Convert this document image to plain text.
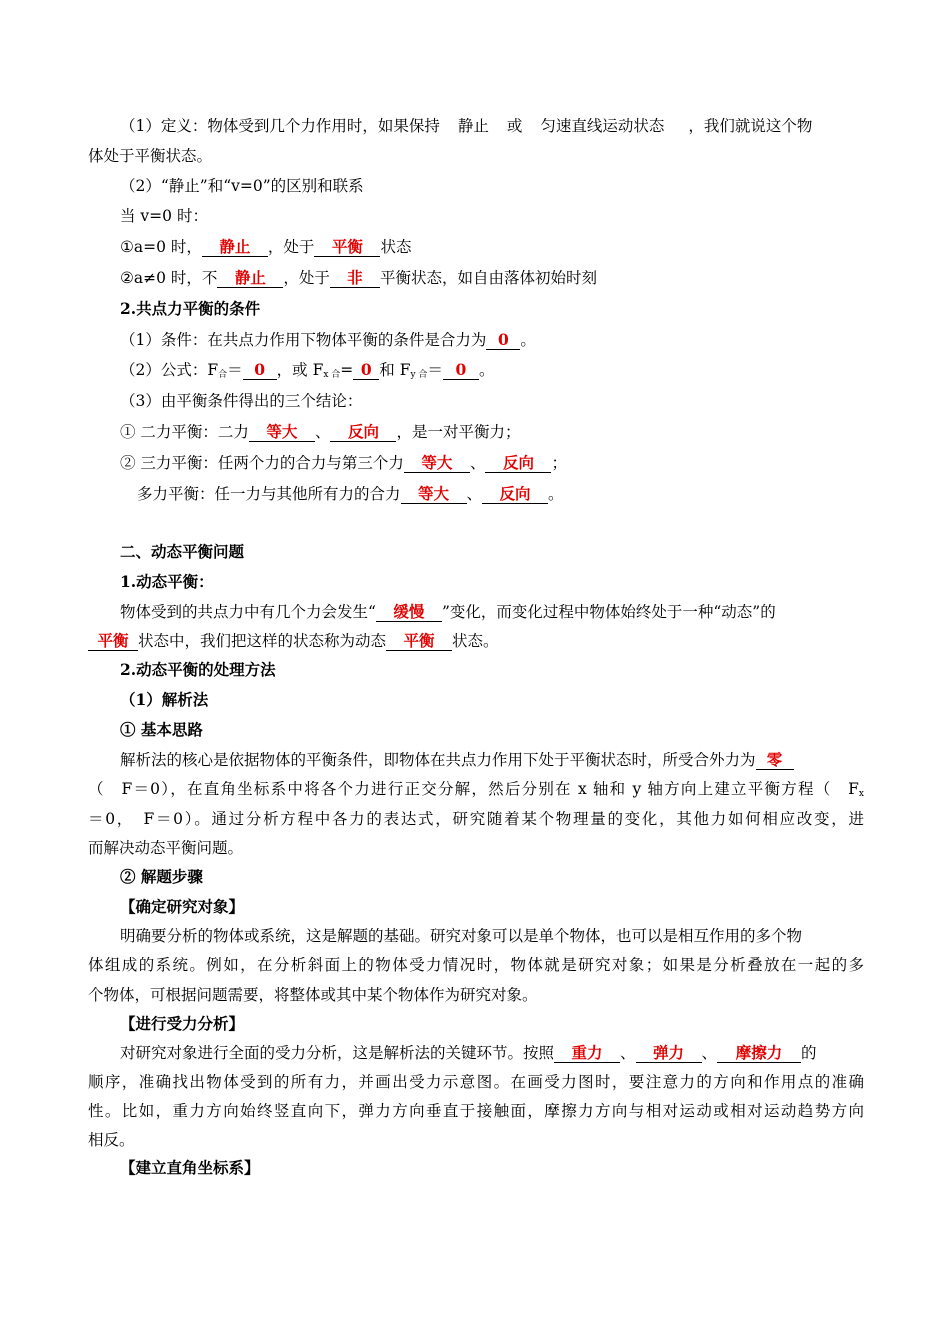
（1）定义：物体受到几个力作用时，如果保持 静止 或 匀速直线运动状态 ，我们就说这个物
体处于平衡状态。
（2）“静止”和“v=0”的区别和联系
当 v=0 时：
①a=0 时， 静止 ，处于 平衡 状态
②a≠0 时，不 静止 ，处于 非 平衡状态，如自由落体初始时刻
2.共点力平衡的条件
（1）条件：在共点力作用下物体平衡的条件是合力为 0 。
（2）公式：$F_合= 0$ ，或 $F_{x 合}= 0$ 和 $F_{y 合}= 0$ 。
（3）由平衡条件得出的三个结论：
① 二力平衡：二力 等大 、 反向 ，是一对平衡力；
② 三力平衡：任两个力的合力与第三个力 等大 、 反向 ；
多力平衡：任一力与其他所有力的合力 等大 、 反向 。
二、动态平衡问题
1.动态平衡：
物体受到的共点力中有几个力会发生“ 缓慢 ”变化，而变化过程中物体始终处于一种“动态”的
平衡 状态中，我们把这样的状态称为动态 平衡 状态。
2.动态平衡的处理方法
（1）解析法
① 基本思路
解析法的核心是依据物体的平衡条件，即物体在共点力作用下处于平衡状态时，所受合外力为 零
（　F＝0），在直角坐标系中将各个力进行正交分解，然后分别在 x 轴和 y 轴方向上建立平衡方程（　$F_x$
＝0，　F＝0）。通过分析方程中各力的表达式，研究随着某个物理量的变化，其他力如何相应改变，进
而解决动态平衡问题。
② 解题步骤
【确定研究对象】
明确要分析的物体或系统，这是解题的基础。研究对象可以是单个物体，也可以是相互作用的多个物
体组成的系统。例如，在分析斜面上的物体受力情况时，物体就是研究对象；如果是分析叠放在一起的多
个物体，可根据问题需要，将整体或其中某个物体作为研究对象。
【进行受力分析】
对研究对象进行全面的受力分析，这是解析法的关键环节。按照 重力 、 弹力 、 摩擦力 的
顺序，准确找出物体受到的所有力，并画出受力示意图。在画受力图时，要注意力的方向和作用点的准确
性。比如，重力方向始终竖直向下，弹力方向垂直于接触面，摩擦力方向与相对运动或相对运动趋势方向
相反。
【建立直角坐标系】
